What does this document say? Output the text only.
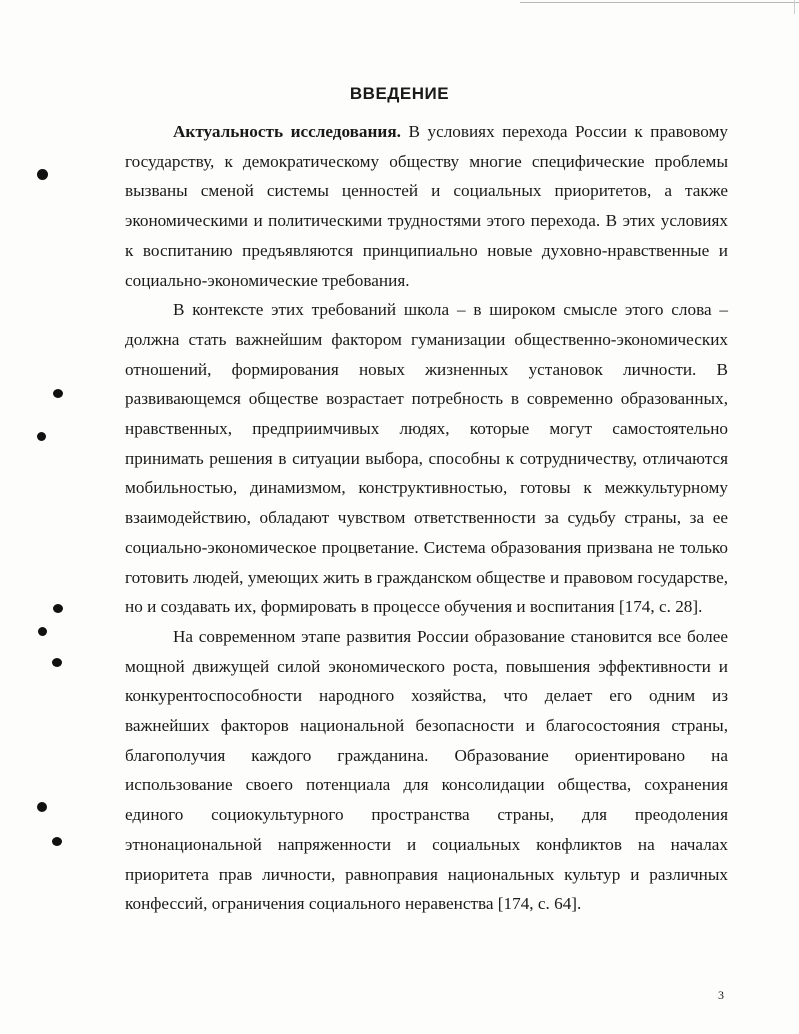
ВВЕДЕНИЕ

Актуальность исследования. В условиях перехода России к правовому государству, к демократическому обществу многие специфические проблемы вызваны сменой системы ценностей и социальных приоритетов, а также экономическими и политическими трудностями этого перехода. В этих условиях к воспитанию предъявляются принципиально новые духовно-нравственные и социально-экономические требования.

В контексте этих требований школа – в широком смысле этого слова – должна стать важнейшим фактором гуманизации общественно-экономических отношений, формирования новых жизненных установок личности. В развивающемся обществе возрастает потребность в современно образованных, нравственных, предприимчивых людях, которые могут самостоятельно принимать решения в ситуации выбора, способны к сотрудничеству, отличаются мобильностью, динамизмом, конструктивностью, готовы к межкультурному взаимодействию, обладают чувством ответственности за судьбу страны, за ее социально-экономическое процветание. Система образования призвана не только готовить людей, умеющих жить в гражданском обществе и правовом государстве, но и создавать их, формировать в процессе обучения и воспитания [174, с. 28].

На современном этапе развития России образование становится все более мощной движущей силой экономического роста, повышения эффективности и конкурентоспособности народного хозяйства, что делает его одним из важнейших факторов национальной безопасности и благосостояния страны, благополучия каждого гражданина. Образование ориентировано на использование своего потенциала для консолидации общества, сохранения единого социокультурного пространства страны, для преодоления этнонациональной напряженности и социальных конфликтов на началах приоритета прав личности, равноправия национальных культур и различных конфессий, ограничения социального неравенства [174, с. 64].

3
